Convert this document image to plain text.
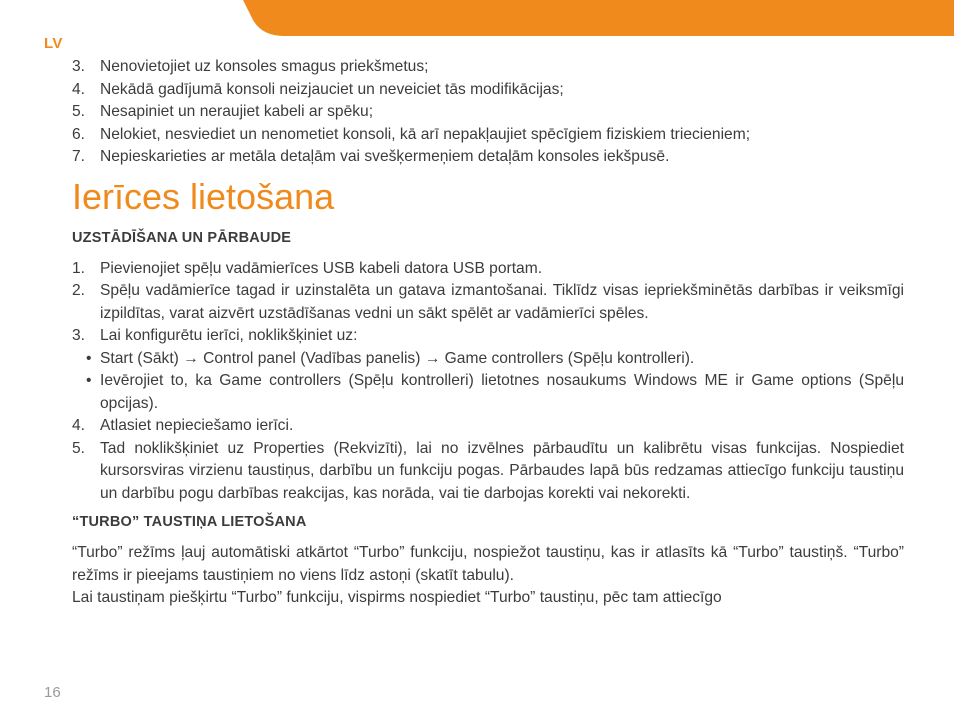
LV
3. Nenovietojiet uz konsoles smagus priekšmetus;
4. Nekādā gadījumā konsoli neizjauciet un neveiciet tās modifikācijas;
5. Nesapiniet un neraujiet kabeli ar spēku;
6. Nelokiet, nesviediet un nenometiet konsoli, kā arī nepakļaujiet spēcīgiem fiziskiem triecieniem;
7. Nepieskarieties ar metāla detaļām vai svešķermeņiem detaļām konsoles iekšpusē.
Ierīces lietošana
UZSTĀDĪŠANA UN PĀRBAUDE
1. Pievienojiet spēļu vadāmierīces USB kabeli datora USB portam.
2. Spēļu vadāmierīce tagad ir uzinstalēta un gatava izmantošanai. Tiklīdz visas iepriekšminētās darbības ir veiksmīgi izpildītas, varat aizvērt uzstādīšanas vedni un sākt spēlēt ar vadāmierīci spēles.
3. Lai konfigurētu ierīci, noklikšķiniet uz:
• Start (Sākt) → Control panel (Vadības panelis) → Game controllers (Spēļu kontrolleri).
• Ievērojiet to, ka Game controllers (Spēļu kontrolleri) lietotnes nosaukums Windows ME ir Game options (Spēļu opcijas).
4. Atlasiet nepieciešamo ierīci.
5. Tad noklikšķiniet uz Properties (Rekvizīti), lai no izvēlnes pārbaudītu un kalibrētu visas funkcijas. Nospiediet kursorsviras virzienu taustiņus, darbību un funkciju pogas. Pārbaudes lapā būs redzamas attiecīgo funkciju taustiņu un darbību pogu darbības reakcijas, kas norāda, vai tie darbojas korekti vai nekorekti.
“TURBO” TAUSTIŅA LIETOŠANA

“Turbo” režīms ļauj automātiski atkārtot “Turbo” funkciju, nospiežot taustiņu, kas ir atlasīts kā “Turbo” taustiņš. “Turbo” režīms ir pieejams taustiņiem no viens līdz astoņi (skatīt tabulu).

Lai taustiņam piešķirtu “Turbo” funkciju, vispirms nospiediet “Turbo” taustiņu, pēc tam attiecīgo

16
